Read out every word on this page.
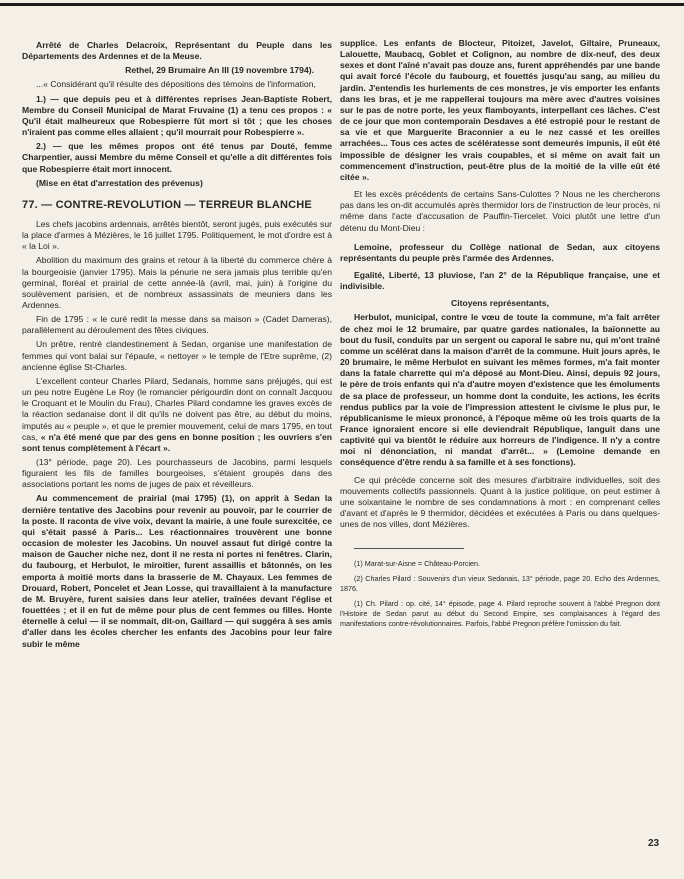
Arrêté de Charles Delacroix, Représentant du Peuple dans les Départements des Ardennes et de la Meuse.

Rethel, 29 Brumaire An III (19 novembre 1794).

...« Considérant qu'il résulte des dépositions des témoins de l'information,

1.) — que depuis peu et à différentes reprises Jean-Baptiste Robert, Membre du Conseil Municipal de Marat Fruvaine (1) a tenu ces propos : « Qu'il était malheureux que Robespierre fût mort si tôt ; que les choses n'iraient pas comme elles allaient ; qu'il mourrait pour Robespierre ».

2.) — que les mêmes propos ont été tenus par Douté, femme Charpentier, aussi Membre du même Conseil et qu'elle a dit différentes fois que Robespierre était mort innocent.

(Mise en état d'arrestation des prévenus)

77. — CONTRE-REVOLUTION — TERREUR BLANCHE

Les chefs jacobins ardennais, arrêtés bientôt, seront jugés, puis exécutés sur la place d'armes à Mézières, le 16 juillet 1795. Politiquement, le mot d'ordre est à « la Loi ».

Abolition du maximum des grains et retour à la liberté du commerce chère à la bourgeoisie (janvier 1795). Mais la pénurie ne sera jamais plus terrible qu'en germinal, floréal et prairial de cette année-là (avril, mai, juin) à l'origine du soulèvement parisien, et de nombreux assassinats de meuniers dans les Ardennes.

Fin de 1795 : « le curé redit la messe dans sa maison » (Cadet Dameras), parallèlement au déroulement des fêtes civiques.

Un prêtre, rentré clandestinement à Sedan, organise une manifestation de femmes qui vont balai sur l'épaule, « nettoyer » le temple de l'Etre suprême, (2) ancienne église St-Charles.

L'excellent conteur Charles Pilard, Sedanais, homme sans préjugés, qui est un peu notre Eugène Le Roy (le romancier périgourdin dont on connaît Jacquou le Croquant et le Moulin du Frau), Charles Pilard condamne les graves excès de la réaction sedanaise dont il dit qu'ils ne doivent pas être, au début du moins, imputés au « peuple », et que le premier mouvement, celui de mars 1795, en tout cas, « n'a été mené que par des gens en bonne position ; les ouvriers s'en sont tenus complètement à l'écart ».

(13° période, page 20). Les pourchasseurs de Jacobins, parmi lesquels figuraient les fils de familles bourgeoises, s'étaient groupés dans des associations portant les noms de juges de paix et réveilleurs.

Au commencement de prairial (mai 1795) (1), on apprit à Sedan la dernière tentative des Jacobins pour revenir au pouvoir, par le courrier de la poste. Il raconta de vive voix, devant la mairie, à une foule surexcitée, ce qui s'était passé à Paris... Les réactionnaires trouvèrent une bonne occasion de molester les Jacobins. Un nouvel assaut fut dirigé contre la maison de Gaucher niche nez, dont il ne resta ni portes ni fenêtres. Clarin, du faubourg, et Herbulot, le miroitier, furent assaillis et bâtonnés, on les emporta à moitié morts dans la brasserie de M. Chayaux. Les femmes de Drouard, Robert, Poncelet et Jean Losse, qui travaillaient à la manufacture de M. Bruyère, furent saisies dans leur atelier, traînées devant l'église et fouettées ; et il en fut de même pour plus de cent femmes ou filles. Honte éternelle à celui — il se nommait, dit-on, Gaillard — qui suggéra à ses amis d'aller dans les écoles chercher les enfants des Jacobins pour leur faire subir le même

supplice. Les enfants de Blocteur, Pitoizet, Javelot, Giltaire, Pruneaux, Lalouette, Maubacq, Goblet et Colignon, au nombre de dix-neuf, des deux sexes et dont l'aîné n'avait pas douze ans, furent appréhendés par une bande qui avait forcé l'école du faubourg, et fouettés jusqu'au sang, au milieu du jardin. J'entendis les hurlements de ces monstres, je vis emporter les enfants dans les bras, et je me rappellerai toujours ma mère avec d'autres voisines sur le pas de notre porte, les yeux flamboyants, interpellant ces lâches. C'est de ce jour que mon contemporain Desdaves a été estropié pour le restant de sa vie et que Marguerite Braconnier a eu le nez cassé et les oreilles arrachées... Tous ces actes de scélératesse sont demeurés impunis, il eût été impossible de désigner les vrais coupables, et si même on avait fait un commencement d'instruction, peut-être plus de la moitié de la ville eût été citée ».

Et les excès précédents de certains Sans-Culottes ? Nous ne les chercherons pas dans les on-dit accumulés après thermidor lors de l'instruction de leur procès, ni même dans l'acte d'accusation de Pauffin-Tiercelet. Voici plutôt une lettre d'un détenu du Mont-Dieu :

Lemoine, professeur du Collège national de Sedan, aux citoyens représentants du peuple près l'armée des Ardennes.

Egalité, Liberté, 13 pluviose, l'an 2° de la République française, une et indivisible.

Citoyens représentants,

Herbulot, municipal, contre le vœu de toute la commune, m'a fait arrêter de chez moi le 12 brumaire, par quatre gardes nationales, la baïonnette au bout du fusil, conduits par un sergent ou caporal le sabre nu, qui m'ont traîné comme un scélérat dans la maison d'arrêt de la commune. Huit jours après, le 20 brumaire, le même Herbulot en suivant les mêmes formes, m'a fait monter dans la fatale charrette qui m'a déposé au Mont-Dieu. Ainsi, depuis 92 jours, le père de trois enfants qui n'a d'autre moyen d'existence que les émoluments de sa place de professeur, un homme dont la conduite, les actions, les écrits rendus publics par la voie de l'impression attestent le civisme le plus pur, le républicanisme le mieux prononcé, à l'époque même où les trois quarts de la France ignoraient encore si elle deviendrait République, languit dans une captivité qui va bientôt le réduire aux horreurs de l'indigence. Il n'y a contre moi ni dénonciation, ni mandat d'arrêt... » (Lemoine demande en conséquence d'être rendu à sa famille et à ses fonctions).

Ce qui précède concerne soit des mesures d'arbitraire individuelles, soit des mouvements collectifs passionnels. Quant à la justice politique, on peut estimer à une soixantaine le nombre de ses condamnations à mort : en comprenant celles d'avant et d'après le 9 thermidor, décidées et exécutées à Paris ou dans quelques-unes de nos villes, dont Mézières.

(1) Marat-sur-Aisne = Château-Porcien.

(2) Charles Pilard : Souvenirs d'un vieux Sedanais, 13° période, page 20. Echo des Ardennes, 1876.

(1) Ch. Pilard : op. cité, 14° épisode, page 4. Pilard reproche souvent à l'abbé Pregnon dont l'Histoire de Sedan parut au début du Second Empire, ses complaisances à l'égard des manifestations contre-révolutionnaires. Parfois, l'abbé Pregnon préfère l'omission du fait.

23
